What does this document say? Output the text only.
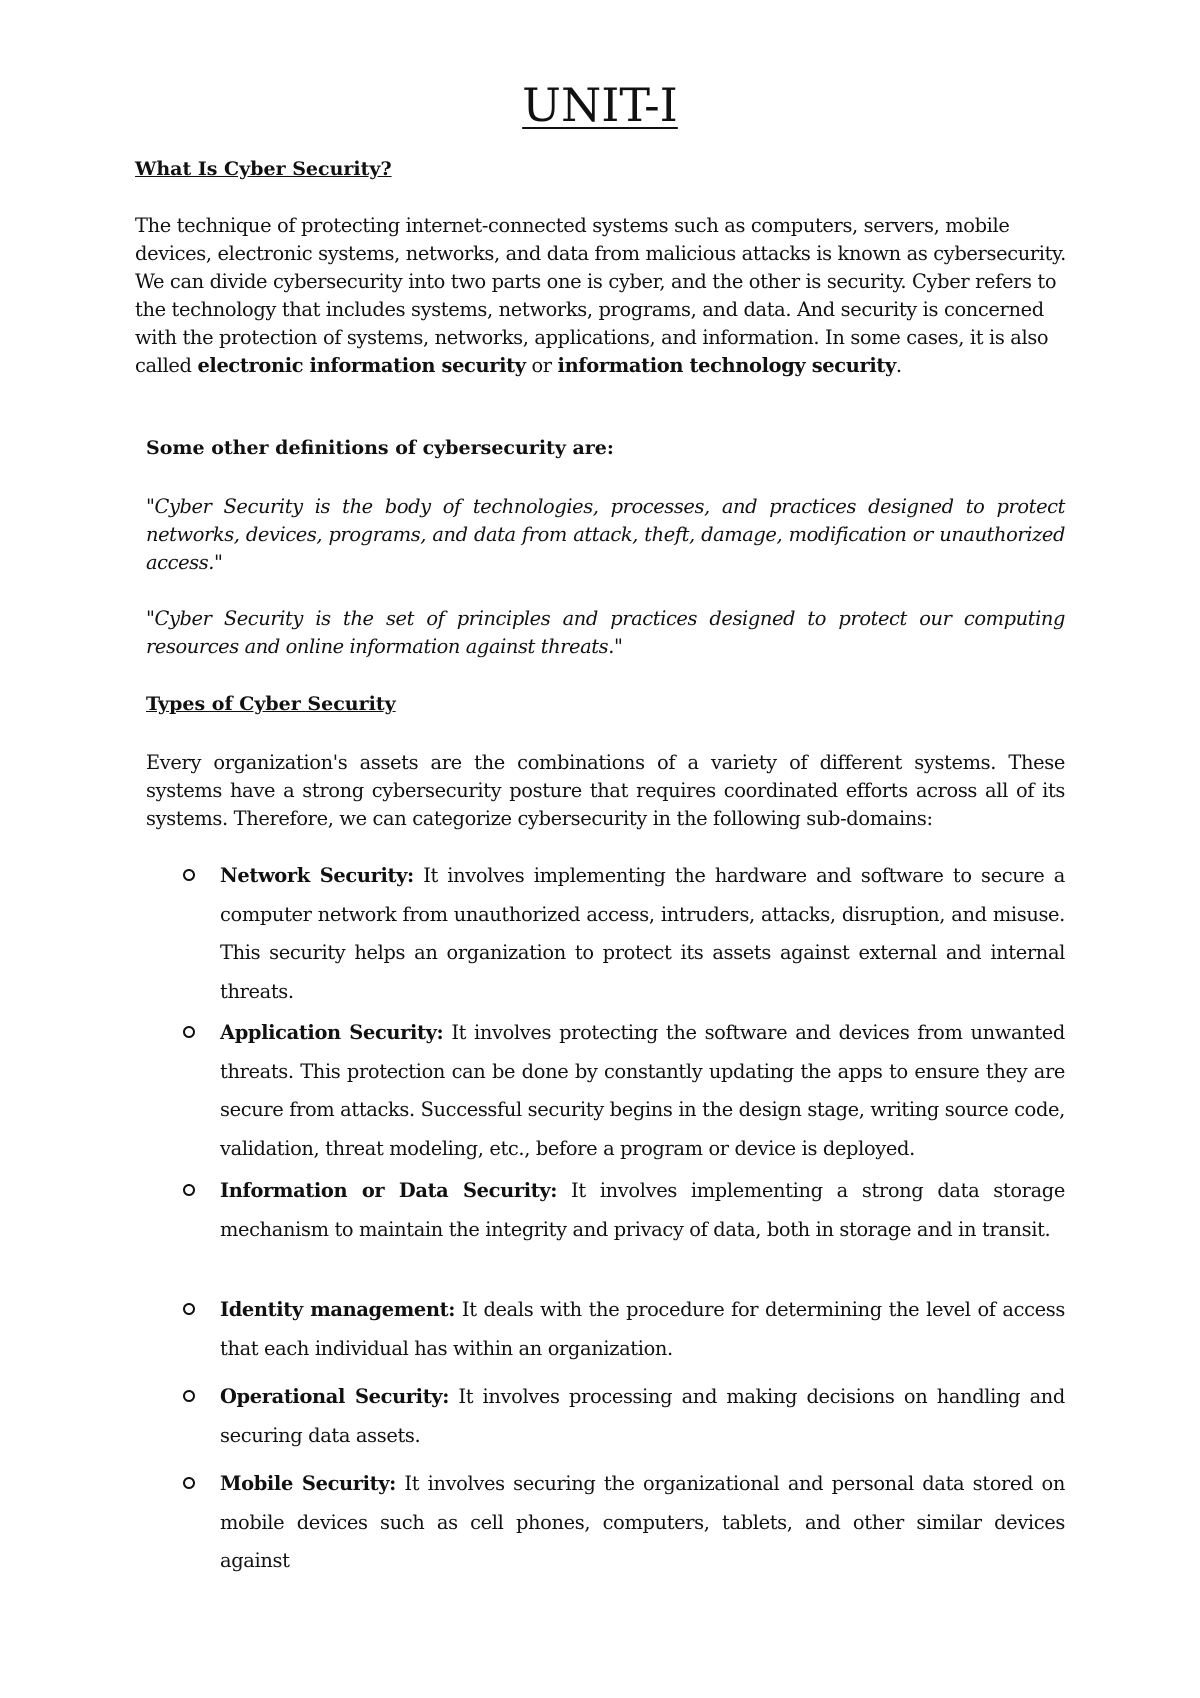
UNIT-I
What Is Cyber Security?

The technique of protecting internet-connected systems such as computers, servers, mobile devices, electronic systems, networks, and data from malicious attacks is known as cybersecurity. We can divide cybersecurity into two parts one is cyber, and the other is security. Cyber refers to the technology that includes systems, networks, programs, and data. And security is concerned with the protection of systems, networks, applications, and information. In some cases, it is also called electronic information security or information technology security.

Some other definitions of cybersecurity are:

"Cyber Security is the body of technologies, processes, and practices designed to protect networks, devices, programs, and data from attack, theft, damage, modification or unauthorized access."

"Cyber Security is the set of principles and practices designed to protect our computing resources and online information against threats."

Types of Cyber Security

Every organization's assets are the combinations of a variety of different systems. These systems have a strong cybersecurity posture that requires coordinated efforts across all of its systems. Therefore, we can categorize cybersecurity in the following sub-domains:

Network Security: It involves implementing the hardware and software to secure a computer network from unauthorized access, intruders, attacks, disruption, and misuse. This security helps an organization to protect its assets against external and internal threats.

Application Security: It involves protecting the software and devices from unwanted threats. This protection can be done by constantly updating the apps to ensure they are secure from attacks. Successful security begins in the design stage, writing source code, validation, threat modeling, etc., before a program or device is deployed.

Information or Data Security: It involves implementing a strong data storage mechanism to maintain the integrity and privacy of data, both in storage and in transit.

Identity management: It deals with the procedure for determining the level of access that each individual has within an organization.

Operational Security: It involves processing and making decisions on handling and securing data assets.

Mobile Security: It involves securing the organizational and personal data stored on mobile devices such as cell phones, computers, tablets, and other similar devices against
